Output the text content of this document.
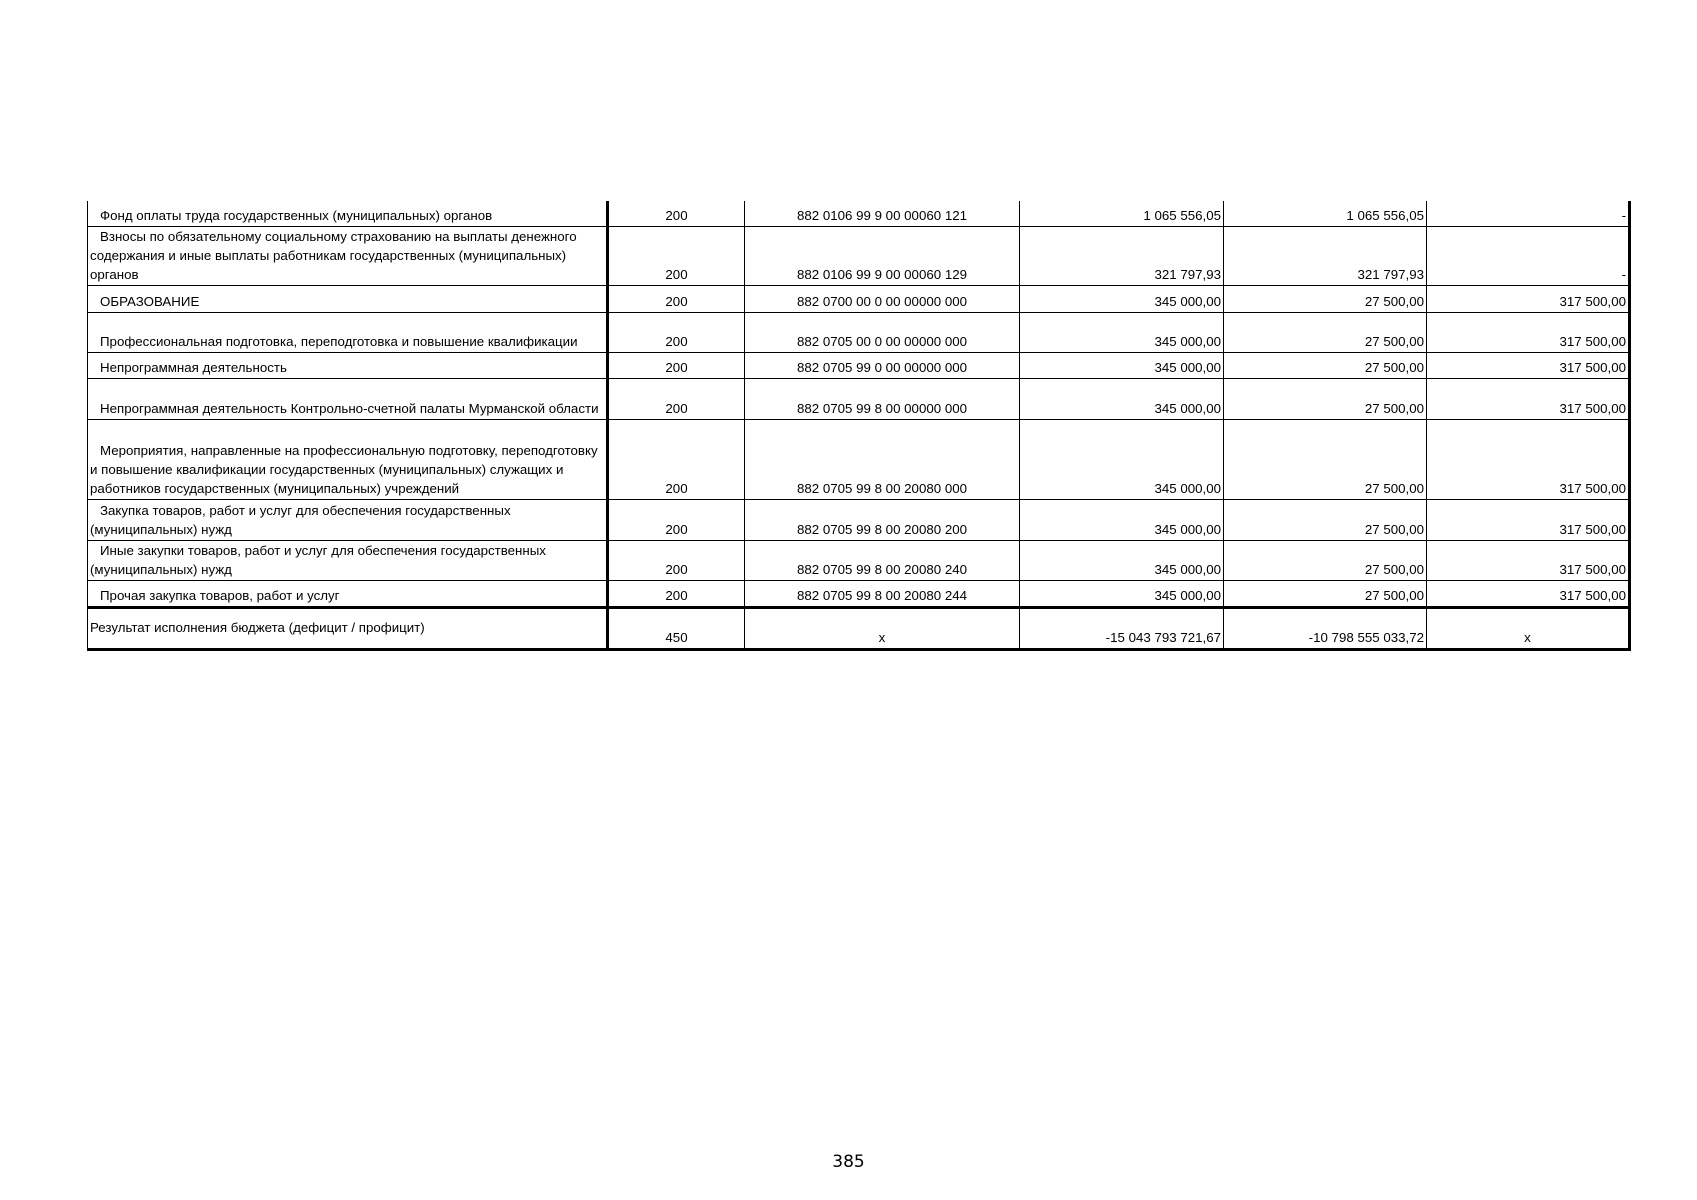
Фонд оплаты труда государственных (муниципальных) органов	200	882 0106 99 9 00 00060 121	1 065 556,05	1 065 556,05	-
Взносы по обязательному социальному страхованию на выплаты денежного содержания и иные выплаты работникам государственных (муниципальных) органов	200	882 0106 99 9 00 00060 129	321 797,93	321 797,93	-
ОБРАЗОВАНИЕ	200	882 0700 00 0 00 00000 000	345 000,00	27 500,00	317 500,00
Профессиональная подготовка, переподготовка и повышение квалификации	200	882 0705 00 0 00 00000 000	345 000,00	27 500,00	317 500,00
Непрограммная деятельность	200	882 0705 99 0 00 00000 000	345 000,00	27 500,00	317 500,00
Непрограммная деятельность Контрольно-счетной палаты Мурманской области	200	882 0705 99 8 00 00000 000	345 000,00	27 500,00	317 500,00
Мероприятия, направленные на профессиональную подготовку, переподготовку и повышение квалификации государственных (муниципальных) служащих и работников государственных (муниципальных) учреждений	200	882 0705 99 8 00 20080 000	345 000,00	27 500,00	317 500,00
Закупка товаров, работ и услуг для обеспечения государственных (муниципальных) нужд	200	882 0705 99 8 00 20080 200	345 000,00	27 500,00	317 500,00
Иные закупки товаров, работ и услуг для обеспечения государственных (муниципальных) нужд	200	882 0705 99 8 00 20080 240	345 000,00	27 500,00	317 500,00
Прочая закупка товаров, работ и услуг	200	882 0705 99 8 00 20080 244	345 000,00	27 500,00	317 500,00
Результат исполнения бюджета (дефицит / профицит)	450	x	-15 043 793 721,67	-10 798 555 033,72	x
385
